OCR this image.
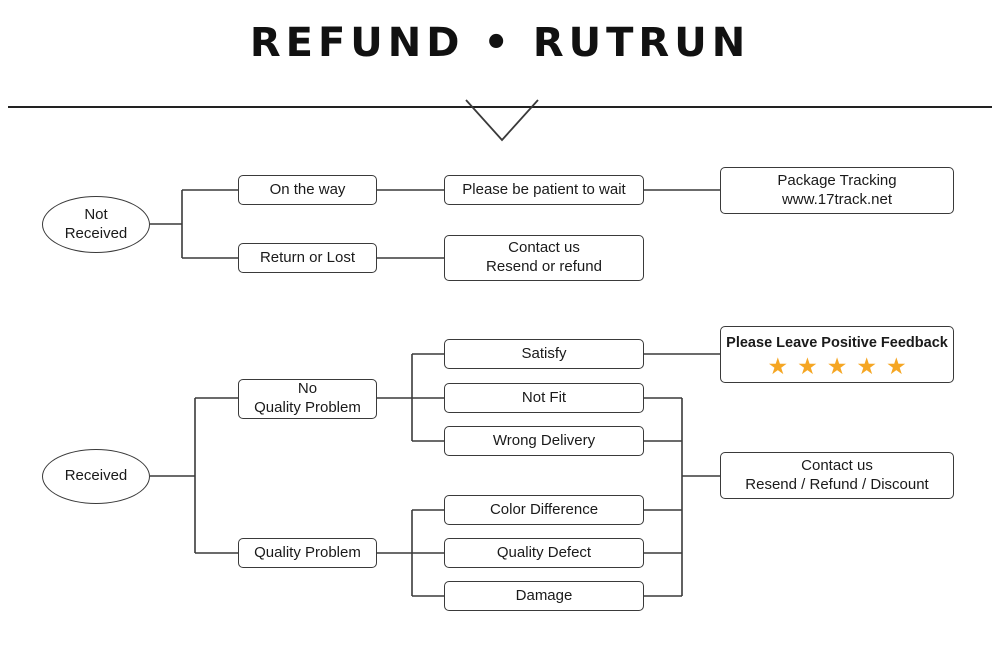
REFUND • RUTRUN
Not
Received
On the way
Return or Lost
Please be patient to wait
Contact us
Resend or refund
Package Tracking
www.17track.net
Received
No
Quality Problem
Quality Problem
Satisfy
Not Fit
Wrong Delivery
Color Difference
Quality Defect
Damage
Please Leave Positive Feedback
★ ★ ★ ★ ★
Contact us
Resend / Refund / Discount
